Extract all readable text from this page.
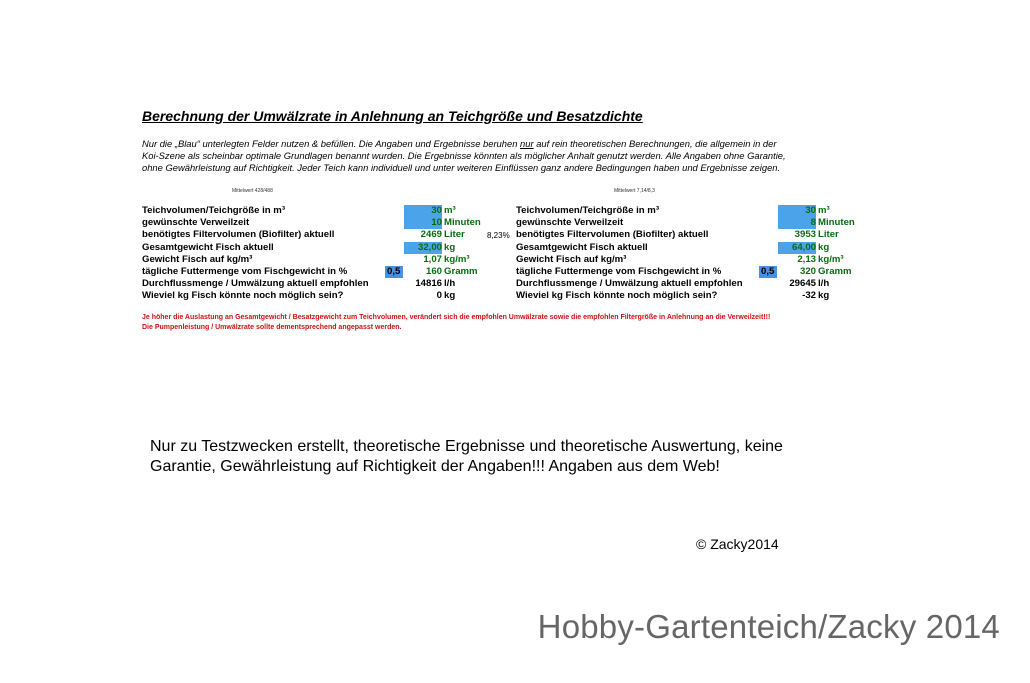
Berechnung der Umwälzrate in Anlehnung an Teichgröße und Besatzdichte

Nur die „Blau“ unterlegten Felder nutzen & befüllen. Die Angaben und Ergebnisse beruhen nur auf rein theoretischen Berechnungen, die allgemein in der

Koi-Szene als scheinbar optimale Grundlagen benannt wurden. Die Ergebnisse könnten als möglicher Anhalt genutzt werden. Alle Angaben ohne Garantie,

ohne Gewährleistung auf Richtigkeit. Jeder Teich kann individuell und unter weiteren Einflüssen ganz andere Bedingungen haben und Ergebnisse zeigen.

Mittelwert 428/488	Mittelwert 7,14/8,3
Teichvolumen/Teichgröße in m³	30 m³
gewünschte Verweilzeit	10 Minuten
benötigtes Filtervolumen (Biofilter) aktuell	2469 Liter
Gesamtgewicht Fisch aktuell	32,00 kg
Gewicht Fisch auf kg/m³	1,07 kg/m³
tägliche Futtermenge vom Fischgewicht in %	0,5	160 Gramm
Durchflussmenge / Umwälzung aktuell empfohlen	14816 l/h
Wieviel kg Fisch könnte noch möglich sein?	0 kg
8,23%
Teichvolumen/Teichgröße in m³	30 m³
gewünschte Verweilzeit	8 Minuten
benötigtes Filtervolumen (Biofilter) aktuell	3953 Liter
Gesamtgewicht Fisch aktuell	64,00 kg
Gewicht Fisch auf kg/m³	2,13 kg/m³
tägliche Futtermenge vom Fischgewicht in %	0,5	320 Gramm
Durchflussmenge / Umwälzung aktuell empfohlen	29645 l/h
Wieviel kg Fisch könnte noch möglich sein?	-32 kg

Je höher die Auslastung an Gesamtgewicht / Besatzgewicht zum Teichvolumen, verändert sich die empfohlen Umwälzrate sowie die empfohlen Filtergröße in Anlehnung an die Verweilzeit!!!

Die Pumpenleistung / Umwälzrate sollte dementsprechend angepasst werden.

Nur zu Testzwecken erstellt, theoretische Ergebnisse und theoretische Auswertung, keine Garantie, Gewährleistung auf Richtigkeit der Angaben!!! Angaben aus dem Web!
© Zacky2014
Hobby-Gartenteich/Zacky 2014
